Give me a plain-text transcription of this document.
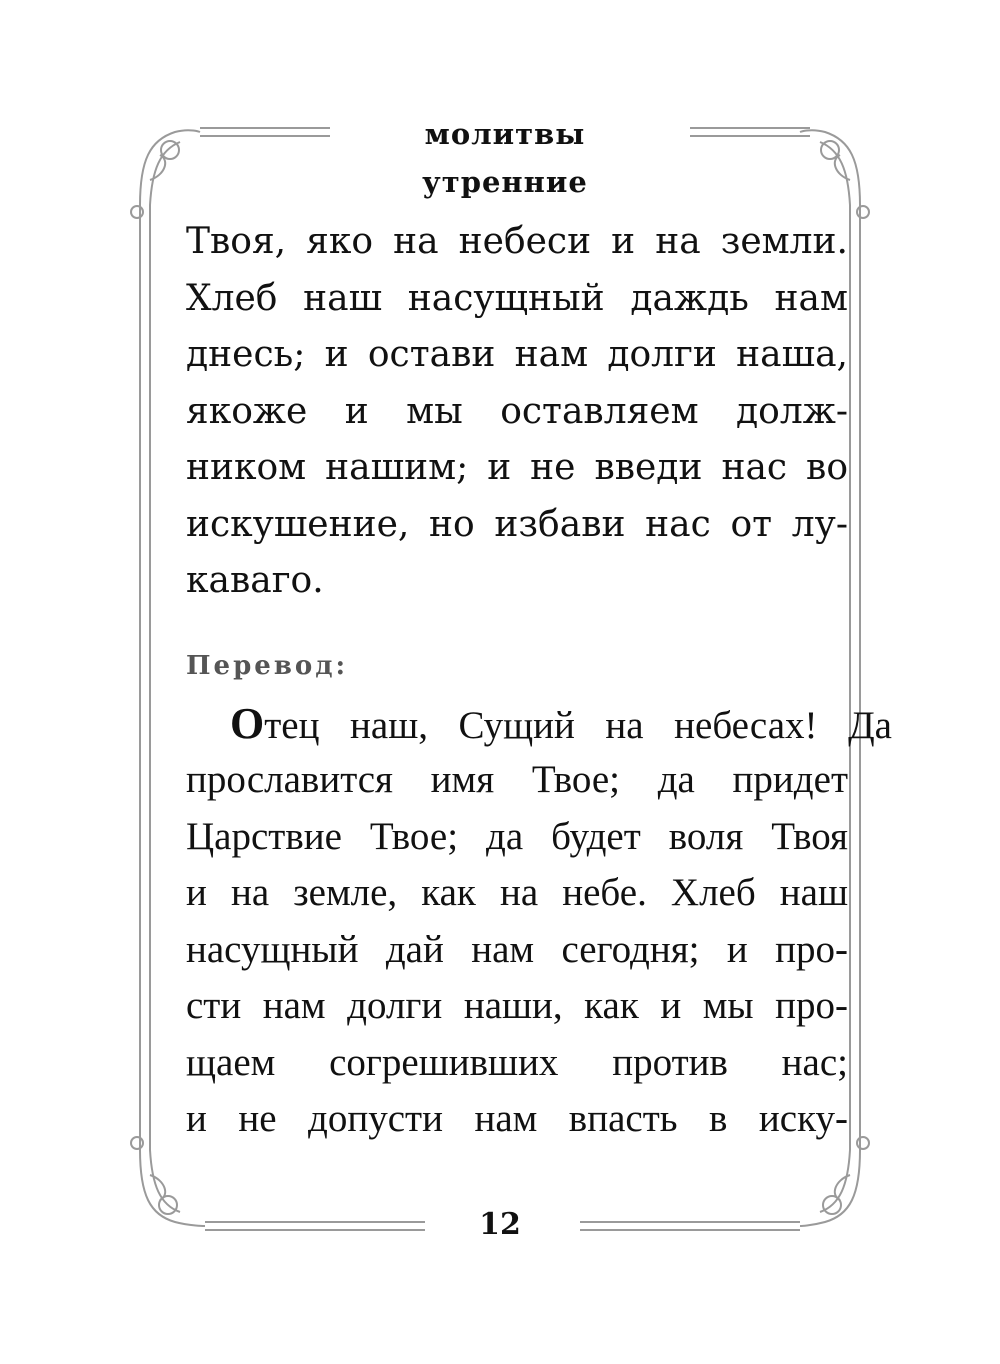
молитвы утренние
Твоя, яко на небеси и на земли.
Хлеб наш насущный даждь нам
днесь; и остави нам долги наша,
якоже и мы оставляем долж-
ником нашим; и не введи нас во
искушение, но избави нас от лу-
каваго.
Перевод:
Отец наш, Сущий на небесах! Да
прославится имя Твое; да придет
Царствие Твое; да будет воля Твоя
и на земле, как на небе. Хлеб наш
насущный дай нам сегодня; и про-
сти нам долги наши, как и мы про-
щаем согрешивших против нас;
и не допусти нам впасть в иску-
12
